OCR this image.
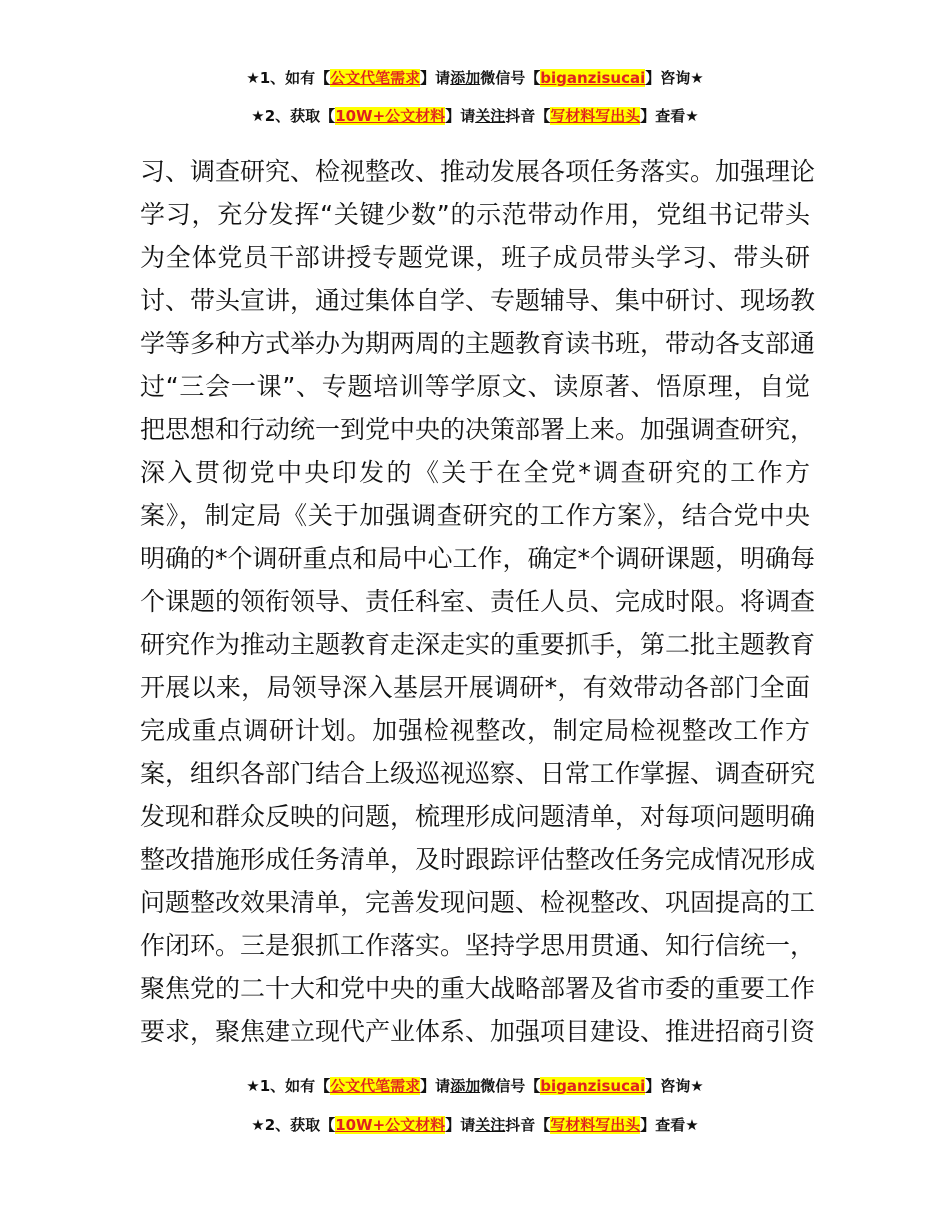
★1、如有【公文代笔需求】请添加微信号【biganzisucai】咨询★
★2、获取【10W+公文材料】请关注抖音【写材料写出头】查看★
习、调查研究、检视整改、推动发展各项任务落实。加强理论
学习，充分发挥“关键少数”的示范带动作用，党组书记带头
为全体党员干部讲授专题党课，班子成员带头学习、带头研
讨、带头宣讲，通过集体自学、专题辅导、集中研讨、现场教
学等多种方式举办为期两周的主题教育读书班，带动各支部通
过“三会一课”、专题培训等学原文、读原著、悟原理，自觉
把思想和行动统一到党中央的决策部署上来。加强调查研究，
深入贯彻党中央印发的《关于在全党*调查研究的工作方
案》，制定局《关于加强调查研究的工作方案》，结合党中央
明确的*个调研重点和局中心工作，确定*个调研课题，明确每
个课题的领衔领导、责任科室、责任人员、完成时限。将调查
研究作为推动主题教育走深走实的重要抓手，第二批主题教育
开展以来，局领导深入基层开展调研*，有效带动各部门全面
完成重点调研计划。加强检视整改，制定局检视整改工作方
案，组织各部门结合上级巡视巡察、日常工作掌握、调查研究
发现和群众反映的问题，梳理形成问题清单，对每项问题明确
整改措施形成任务清单，及时跟踪评估整改任务完成情况形成
问题整改效果清单，完善发现问题、检视整改、巩固提高的工
作闭环。三是狠抓工作落实。坚持学思用贯通、知行信统一，
聚焦党的二十大和党中央的重大战略部署及省市委的重要工作
要求，聚焦建立现代产业体系、加强项目建设、推进招商引资
★1、如有【公文代笔需求】请添加微信号【biganzisucai】咨询★
★2、获取【10W+公文材料】请关注抖音【写材料写出头】查看★
